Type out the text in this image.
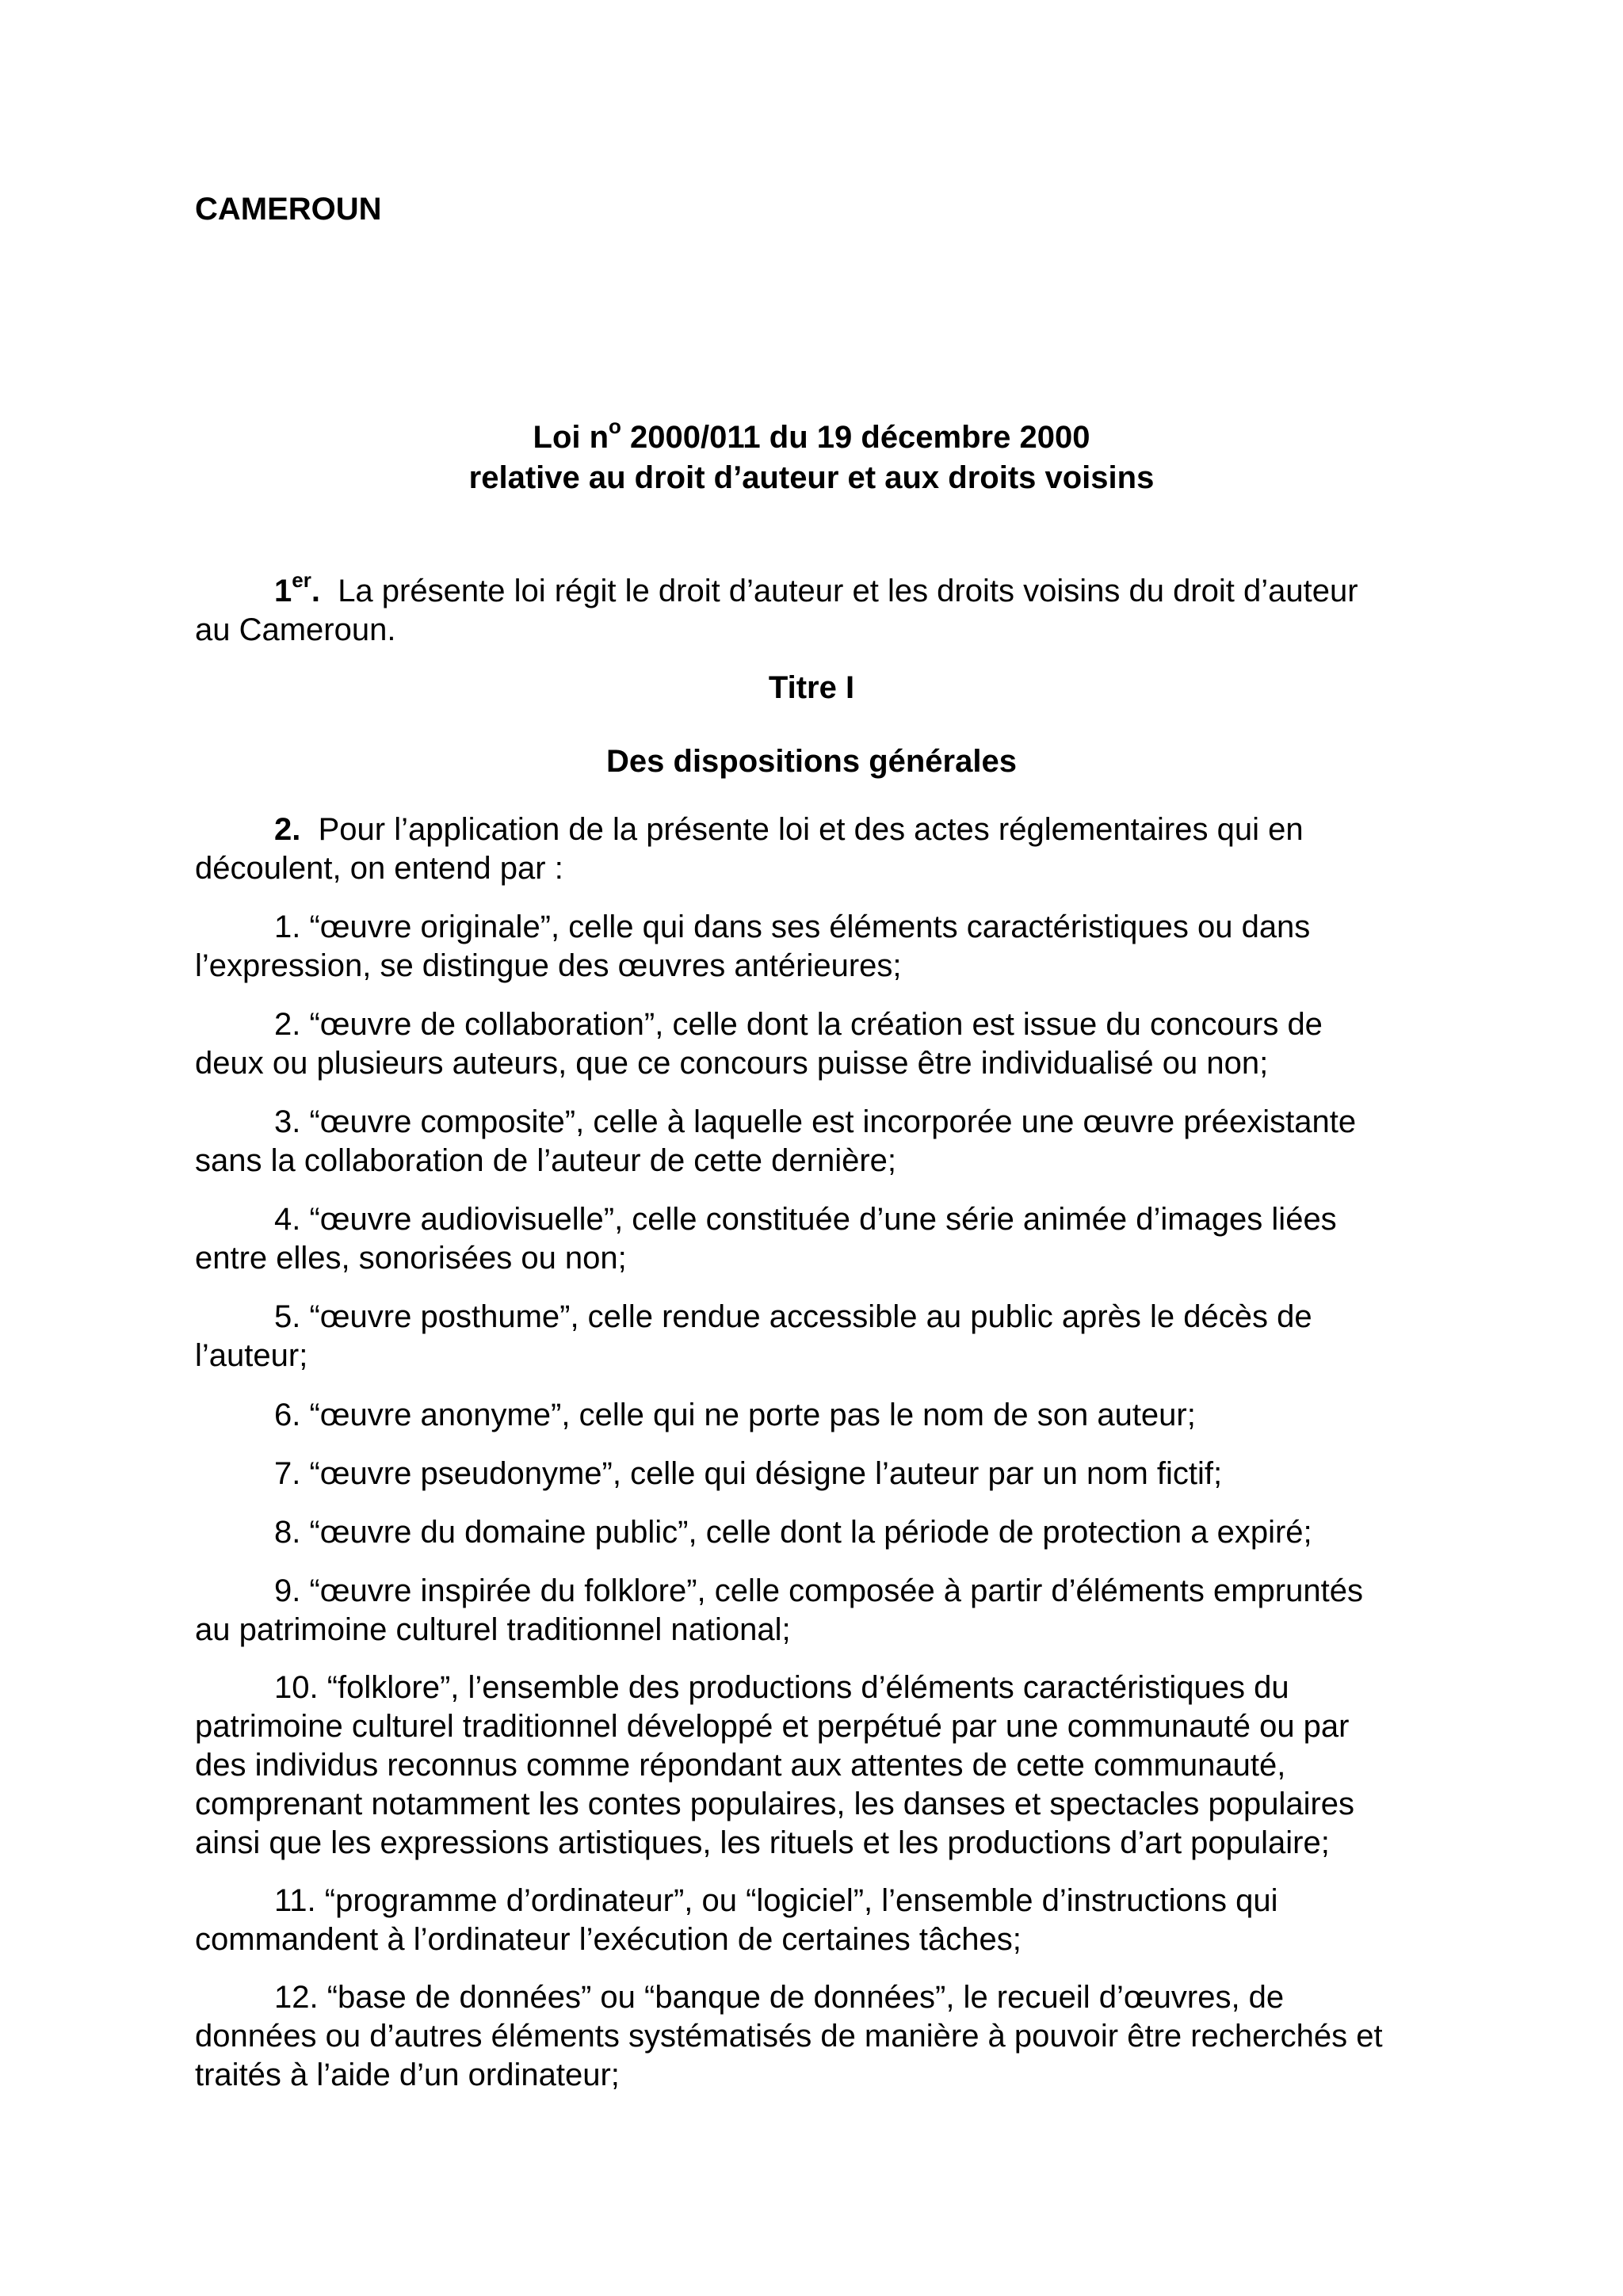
CAMEROUN
Loi $n^o$ 2000/011 du 19 décembre 2000
relative au droit d’auteur et aux droits voisins
1er. La présente loi régit le droit d’auteur et les droits voisins du droit d’auteur
au Cameroun.
Titre I
Des dispositions générales
2. Pour l’application de la présente loi et des actes réglementaires qui en
découlent, on entend par :
1. “œuvre originale”, celle qui dans ses éléments caractéristiques ou dans
l’expression, se distingue des œuvres antérieures;
2. “œuvre de collaboration”, celle dont la création est issue du concours de
deux ou plusieurs auteurs, que ce concours puisse être individualisé ou non;
3. “œuvre composite”, celle à laquelle est incorporée une œuvre préexistante
sans la collaboration de l’auteur de cette dernière;
4. “œuvre audiovisuelle”, celle constituée d’une série animée d’images liées
entre elles, sonorisées ou non;
5. “œuvre posthume”, celle rendue accessible au public après le décès de
l’auteur;
6. “œuvre anonyme”, celle qui ne porte pas le nom de son auteur;
7. “œuvre pseudonyme”, celle qui désigne l’auteur par un nom fictif;
8. “œuvre du domaine public”, celle dont la période de protection a expiré;
9. “œuvre inspirée du folklore”, celle composée à partir d’éléments empruntés
au patrimoine culturel traditionnel national;
10. “folklore”, l’ensemble des productions d’éléments caractéristiques du
patrimoine culturel traditionnel développé et perpétué par une communauté ou par
des individus reconnus comme répondant aux attentes de cette communauté,
comprenant notamment les contes populaires, les danses et spectacles populaires
ainsi que les expressions artistiques, les rituels et les productions d’art populaire;
11. “programme d’ordinateur”, ou “logiciel”, l’ensemble d’instructions qui
commandent à l’ordinateur l’exécution de certaines tâches;
12. “base de données” ou “banque de données”, le recueil d’œuvres, de
données ou d’autres éléments systématisés de manière à pouvoir être recherchés et
traités à l’aide d’un ordinateur;
